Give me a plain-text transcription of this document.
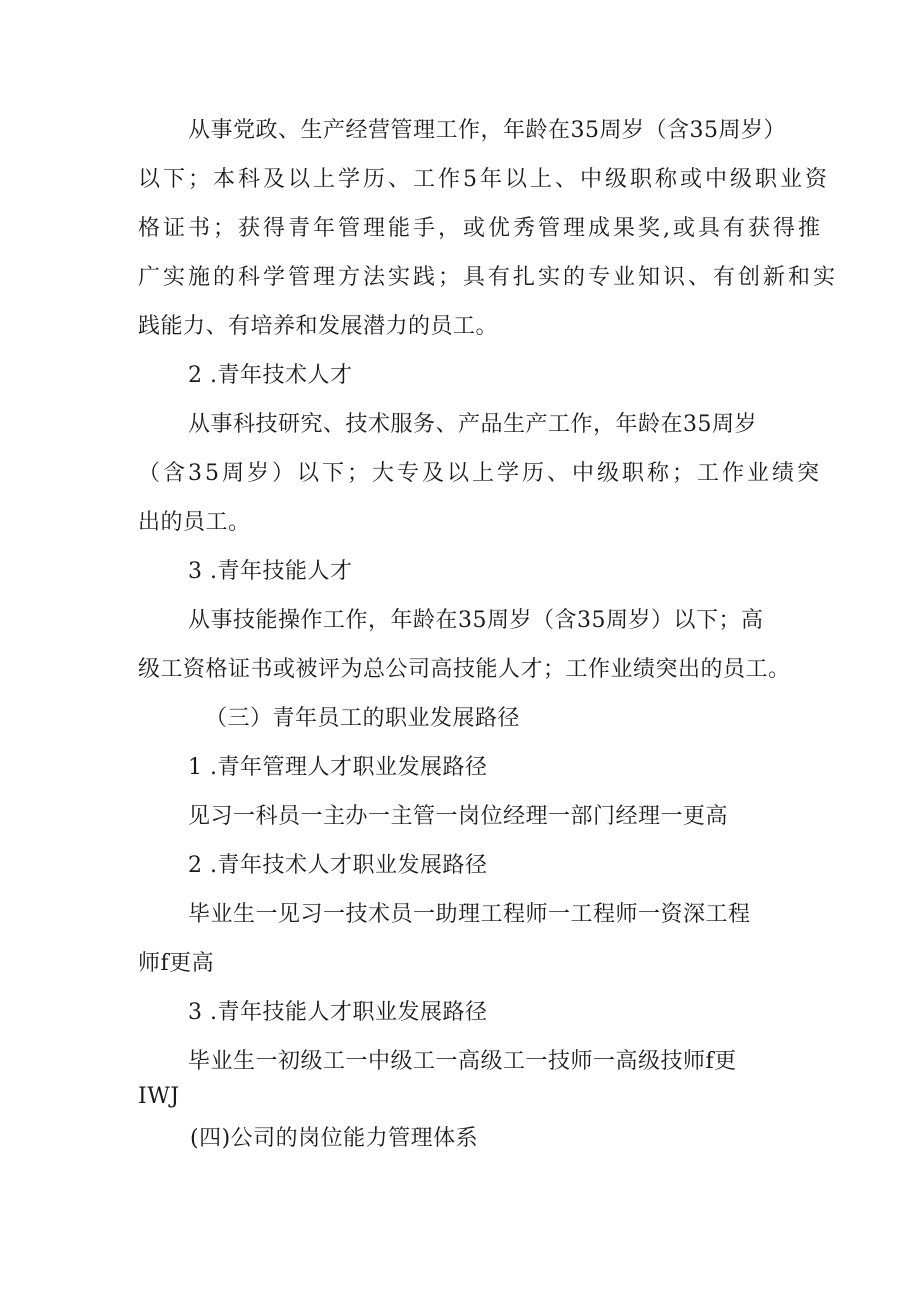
从事党政、生产经营管理工作，年龄在35周岁（含35周岁）
以下；本科及以上学历、工作5年以上、中级职称或中级职业资
格证书；获得青年管理能手，或优秀管理成果奖,或具有获得推
广实施的科学管理方法实践；具有扎实的专业知识、有创新和实
践能力、有培养和发展潜力的员工。
2 .青年技术人才
从事科技研究、技术服务、产品生产工作，年龄在35周岁
（含35周岁）以下；大专及以上学历、中级职称；工作业绩突
出的员工。
3 .青年技能人才
从事技能操作工作，年龄在35周岁（含35周岁）以下；高
级工资格证书或被评为总公司高技能人才；工作业绩突出的员工。
（三）青年员工的职业发展路径
1 .青年管理人才职业发展路径
见习一科员一主办一主管一岗位经理一部门经理一更高
2 .青年技术人才职业发展路径
毕业生一见习一技术员一助理工程师一工程师一资深工程
师f更高
3 .青年技能人才职业发展路径
毕业生一初级工一中级工一高级工一技师一高级技师f更
IWJ
(四)公司的岗位能力管理体系
